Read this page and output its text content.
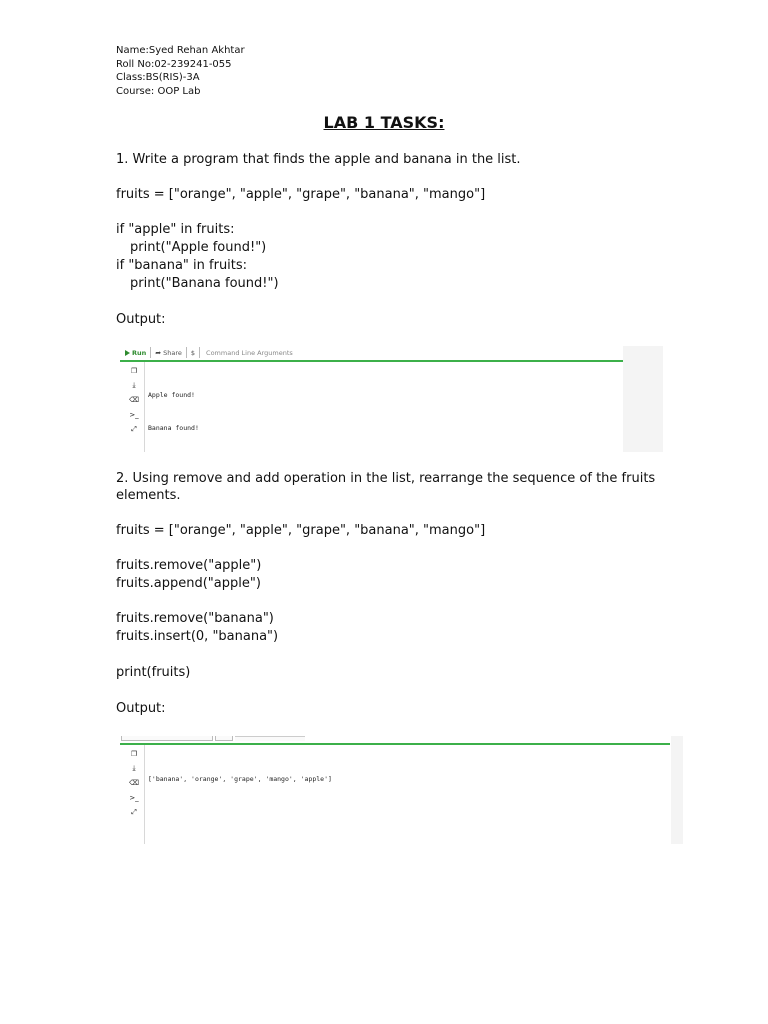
Name:Syed Rehan Akhtar
Roll No:02-239241-055
Class:BS(RIS)-3A
Course: OOP Lab
LAB 1 TASKS:
1. Write a program that finds the apple and banana in the list.
fruits = ["orange", "apple", "grape", "banana", "mango"]
if "apple" in fruits:
print("Apple found!")
if "banana" in fruits:
print("Banana found!")
Output:
Run ➦ Share $	Command Line Arguments
❐
⤓
⌫
>_
⤢

Apple found!

Banana found!

2. Using remove and add operation in the list, rearrange the sequence of the fruits elements.
fruits = ["orange", "apple", "grape", "banana", "mango"]
fruits.remove("apple")
fruits.append("apple")
fruits.remove("banana")
fruits.insert(0, "banana")
print(fruits)
Output:
❐
⤓
⌫
>_
⤢

['banana', 'orange', 'grape', 'mango', 'apple']
